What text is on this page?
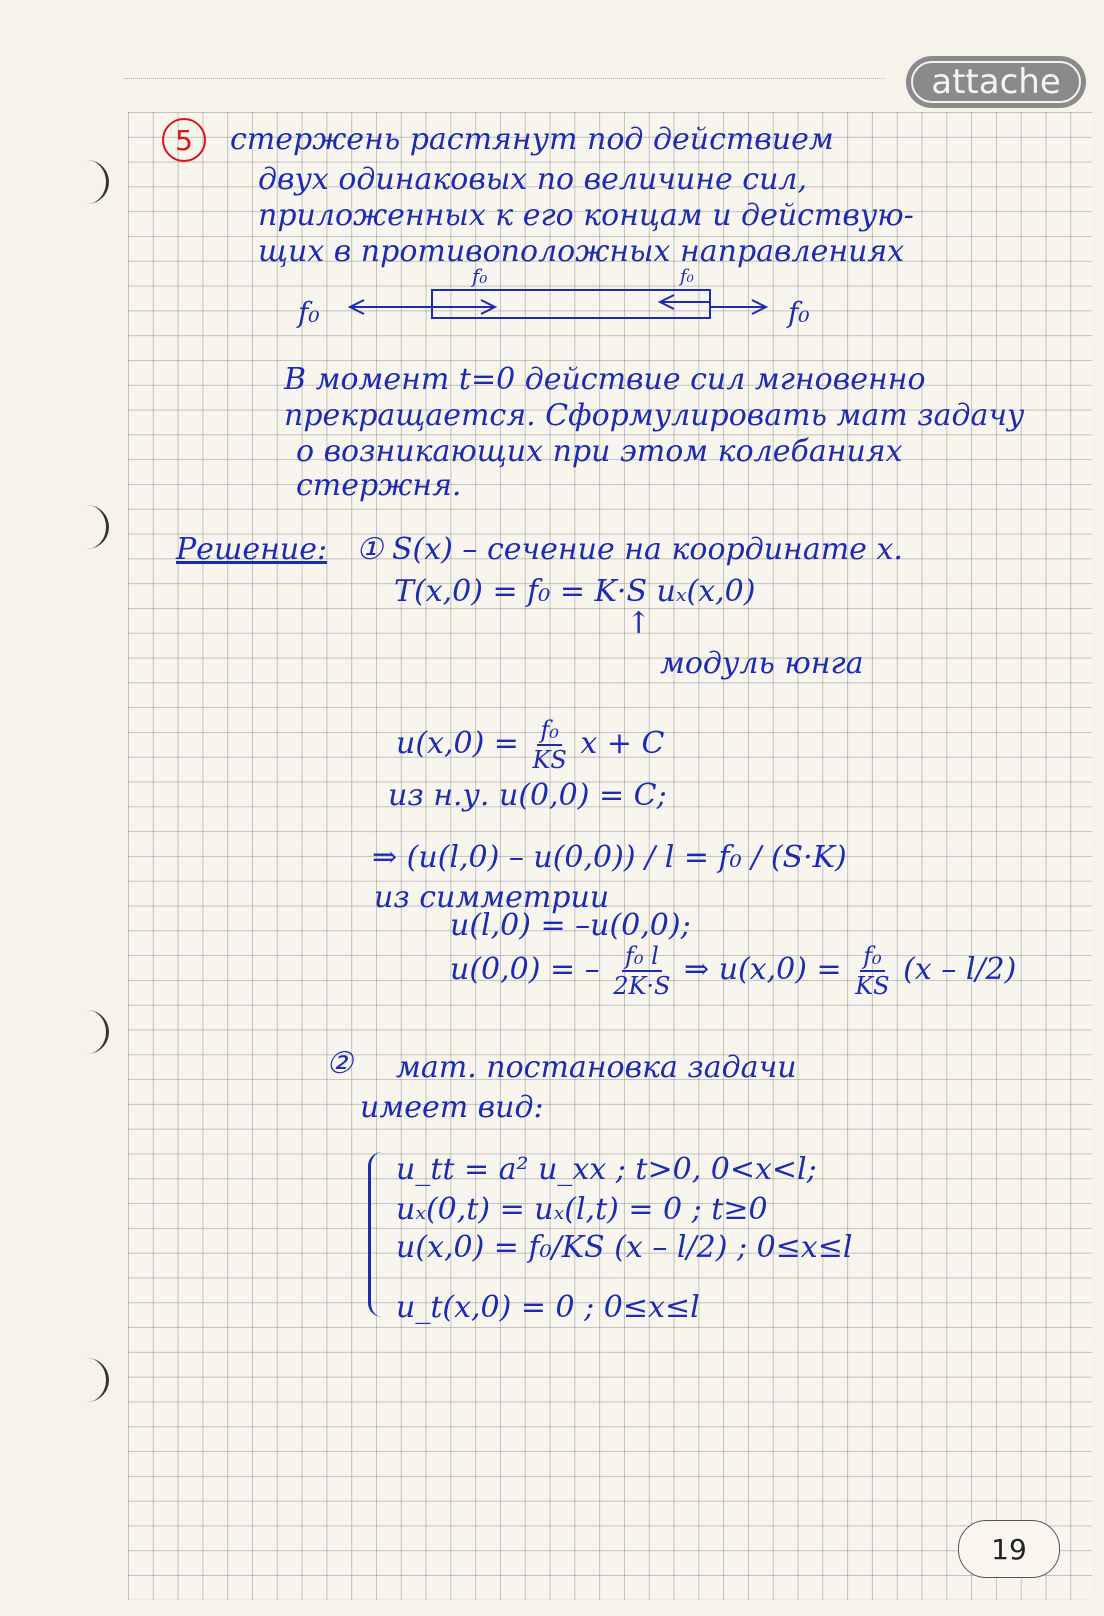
attache
5	стержень растянут под действием
двух одинаковых по величине сил,
приложенных к его концам и действую-
щих в противоположных направлениях
f₀
f₀	f₀
f₀
В момент t=0 действие сил мгновенно
прекращается. Сформулировать мат задачу
о возникающих при этом колебаниях
стержня.
Решение: ① S(x) – сечение на координате x.
T(x,0) = f₀ = K·S uₓ(x,0)
↑
модуль юнга
$u(x,0) = \frac{\text{f₀}}{KS}$ x + C
из н.у. u(0,0) = C;
⇒ (u(l,0) – u(0,0)) / l = f₀ / (S·K)
из симметрии
u(l,0) = –u(0,0);
u(0,0) = – $\frac{\text{f₀ l}}{2K\cdot S}$ ⇒ $u(x,0) = \frac{\text{f₀}}{KS} (x - l/2)$
② мат. постановка задачи
имеет вид:
u_tt = a² u_xx ; t>0, 0<x<l;
uₓ(0,t) = uₓ(l,t) = 0 ; t≥0
u(x,0) = f₀/KS (x – l/2) ; 0≤x≤l
u_t(x,0) = 0 ; 0≤x≤l
19
